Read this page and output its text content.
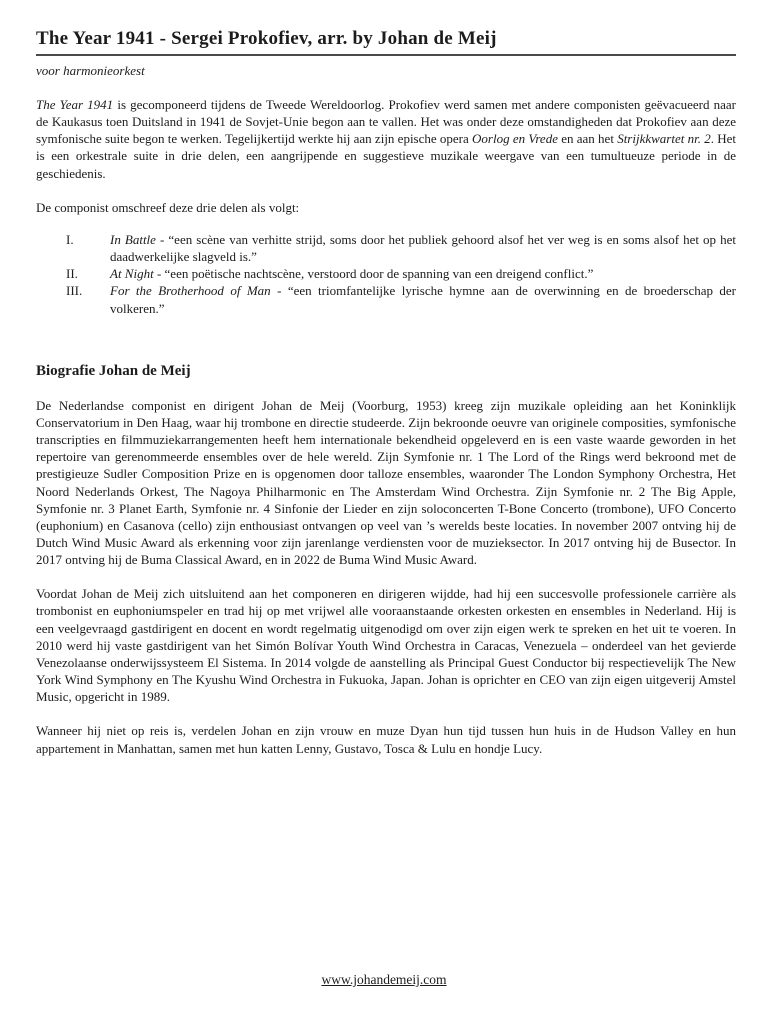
The Year 1941 - Sergei Prokofiev, arr. by Johan de Meij
voor harmonieorkest

The Year 1941 is gecomponeerd tijdens de Tweede Wereldoorlog. Prokofiev werd samen met andere componisten geëvacueerd naar de Kaukasus toen Duitsland in 1941 de Sovjet-Unie begon aan te vallen. Het was onder deze omstandigheden dat Prokofiev aan deze symfonische suite begon te werken. Tegelijkertijd werkte hij aan zijn epische opera Oorlog en Vrede en aan het Strijkkwartet nr. 2. Het is een orkestrale suite in drie delen, een aangrijpende en suggestieve muzikale weergave van een tumultueuze periode in de geschiedenis.

De componist omschreef deze drie delen als volgt:

I.	In Battle - “een scène van verhitte strijd, soms door het publiek gehoord alsof het ver weg is en soms alsof het op het daadwerkelijke slagveld is.”
II.	At Night - “een poëtische nachtscène, verstoord door de spanning van een dreigend conflict.”
III.	For the Brotherhood of Man - “een triomfantelijke lyrische hymne aan de overwinning en de broederschap der volkeren.”
Biografie Johan de Meij

De Nederlandse componist en dirigent Johan de Meij (Voorburg, 1953) kreeg zijn muzikale opleiding aan het Koninklijk Conservatorium in Den Haag, waar hij trombone en directie studeerde. Zijn bekroonde oeuvre van originele composities, symfonische transcripties en filmmuziekarrangementen heeft hem internationale bekendheid opgeleverd en is een vaste waarde geworden in het repertoire van gerenommeerde ensembles over de hele wereld. Zijn Symfonie nr. 1 The Lord of the Rings werd bekroond met de prestigieuze Sudler Composition Prize en is opgenomen door talloze ensembles, waaronder The London Symphony Orchestra, Het Noord Nederlands Orkest, The Nagoya Philharmonic en The Amsterdam Wind Orchestra. Zijn Symfonie nr. 2 The Big Apple, Symfonie nr. 3 Planet Earth, Symfonie nr. 4 Sinfonie der Lieder en zijn soloconcerten T-Bone Concerto (trombone), UFO Concerto (euphonium) en Casanova (cello) zijn enthousiast ontvangen op veel van ’s werelds beste locaties. In november 2007 ontving hij de Dutch Wind Music Award als erkenning voor zijn jarenlange verdiensten voor de muzieksector. In 2017 ontving hij de Busector. In 2017 ontving hij de Buma Classical Award, en in 2022 de Buma Wind Music Award.

Voordat Johan de Meij zich uitsluitend aan het componeren en dirigeren wijdde, had hij een succesvolle professionele carrière als trombonist en euphoniumspeler en trad hij op met vrijwel alle vooraanstaande orkesten orkesten en ensembles in Nederland. Hij is een veelgevraagd gastdirigent en docent en wordt regelmatig uitgenodigd om over zijn eigen werk te spreken en het uit te voeren. In 2010 werd hij vaste gastdirigent van het Simón Bolívar Youth Wind Orchestra in Caracas, Venezuela – onderdeel van het gevierde Venezolaanse onderwijssysteem El Sistema. In 2014 volgde de aanstelling als Principal Guest Conductor bij respectievelijk The New York Wind Symphony en The Kyushu Wind Orchestra in Fukuoka, Japan. Johan is oprichter en CEO van zijn eigen uitgeverij Amstel Music, opgericht in 1989.

Wanneer hij niet op reis is, verdelen Johan en zijn vrouw en muze Dyan hun tijd tussen hun huis in de Hudson Valley en hun appartement in Manhattan, samen met hun katten Lenny, Gustavo, Tosca & Lulu en hondje Lucy.

www.johandemeij.com
